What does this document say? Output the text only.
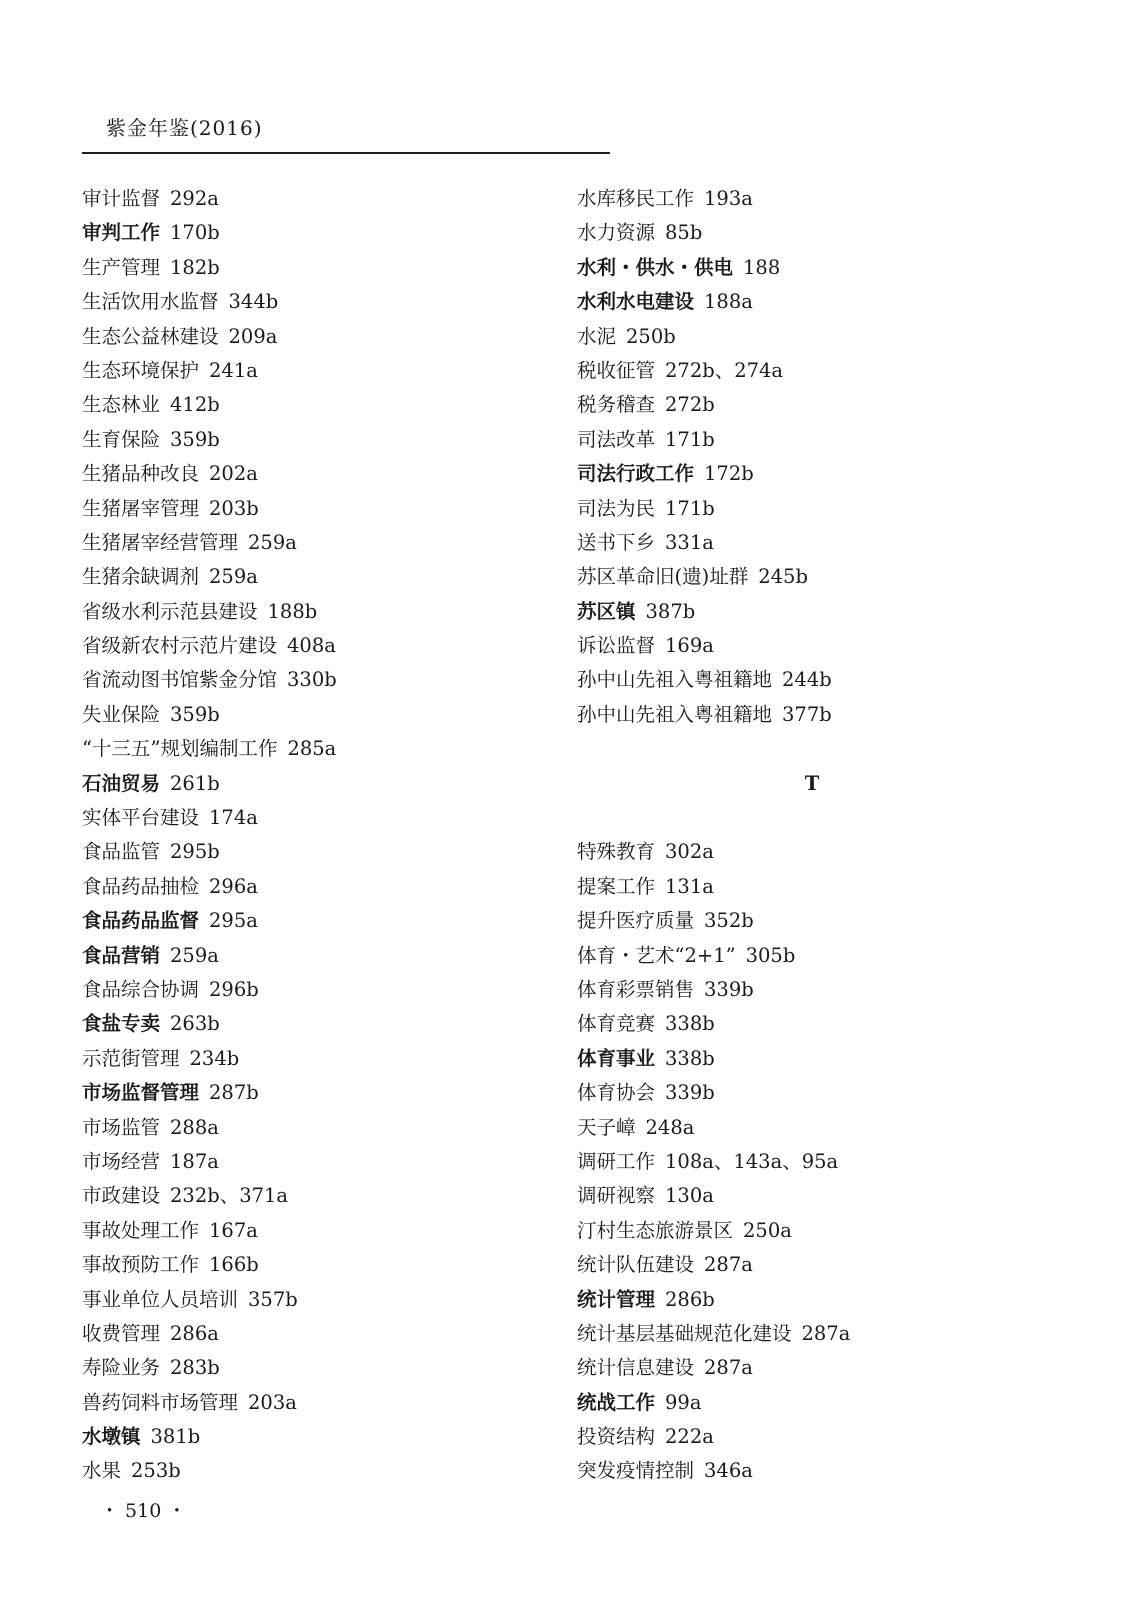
紫金年鉴(2016)
审计监督 292a
审判工作 170b
生产管理 182b
生活饮用水监督 344b
生态公益林建设 209a
生态环境保护 241a
生态林业 412b
生育保险 359b
生猪品种改良 202a
生猪屠宰管理 203b
生猪屠宰经营管理 259a
生猪余缺调剂 259a
省级水利示范县建设 188b
省级新农村示范片建设 408a
省流动图书馆紫金分馆 330b
失业保险 359b
“十三五”规划编制工作 285a
石油贸易 261b
实体平台建设 174a
食品监管 295b
食品药品抽检 296a
食品药品监督 295a
食品营销 259a
食品综合协调 296b
食盐专卖 263b
示范街管理 234b
市场监督管理 287b
市场监管 288a
市场经营 187a
市政建设 232b、371a
事故处理工作 167a
事故预防工作 166b
事业单位人员培训 357b
收费管理 286a
寿险业务 283b
兽药饲料市场管理 203a
水墩镇 381b
水果 253b
水库移民工作 193a
水力资源 85b
水利・供水・供电 188
水利水电建设 188a
水泥 250b
税收征管 272b、274a
税务稽查 272b
司法改革 171b
司法行政工作 172b
司法为民 171b
送书下乡 331a
苏区革命旧(遗)址群 245b
苏区镇 387b
诉讼监督 169a
孙中山先祖入粤祖籍地 244b
孙中山先祖入粤祖籍地 377b
T
特殊教育 302a
提案工作 131a
提升医疗质量 352b
体育・艺术“2+1” 305b
体育彩票销售 339b
体育竞赛 338b
体育事业 338b
体育协会 339b
天子嶂 248a
调研工作 108a、143a、95a
调研视察 130a
汀村生态旅游景区 250a
统计队伍建设 287a
统计管理 286b
统计基层基础规范化建设 287a
统计信息建设 287a
统战工作 99a
投资结构 222a
突发疫情控制 346a
・ 510 ・
